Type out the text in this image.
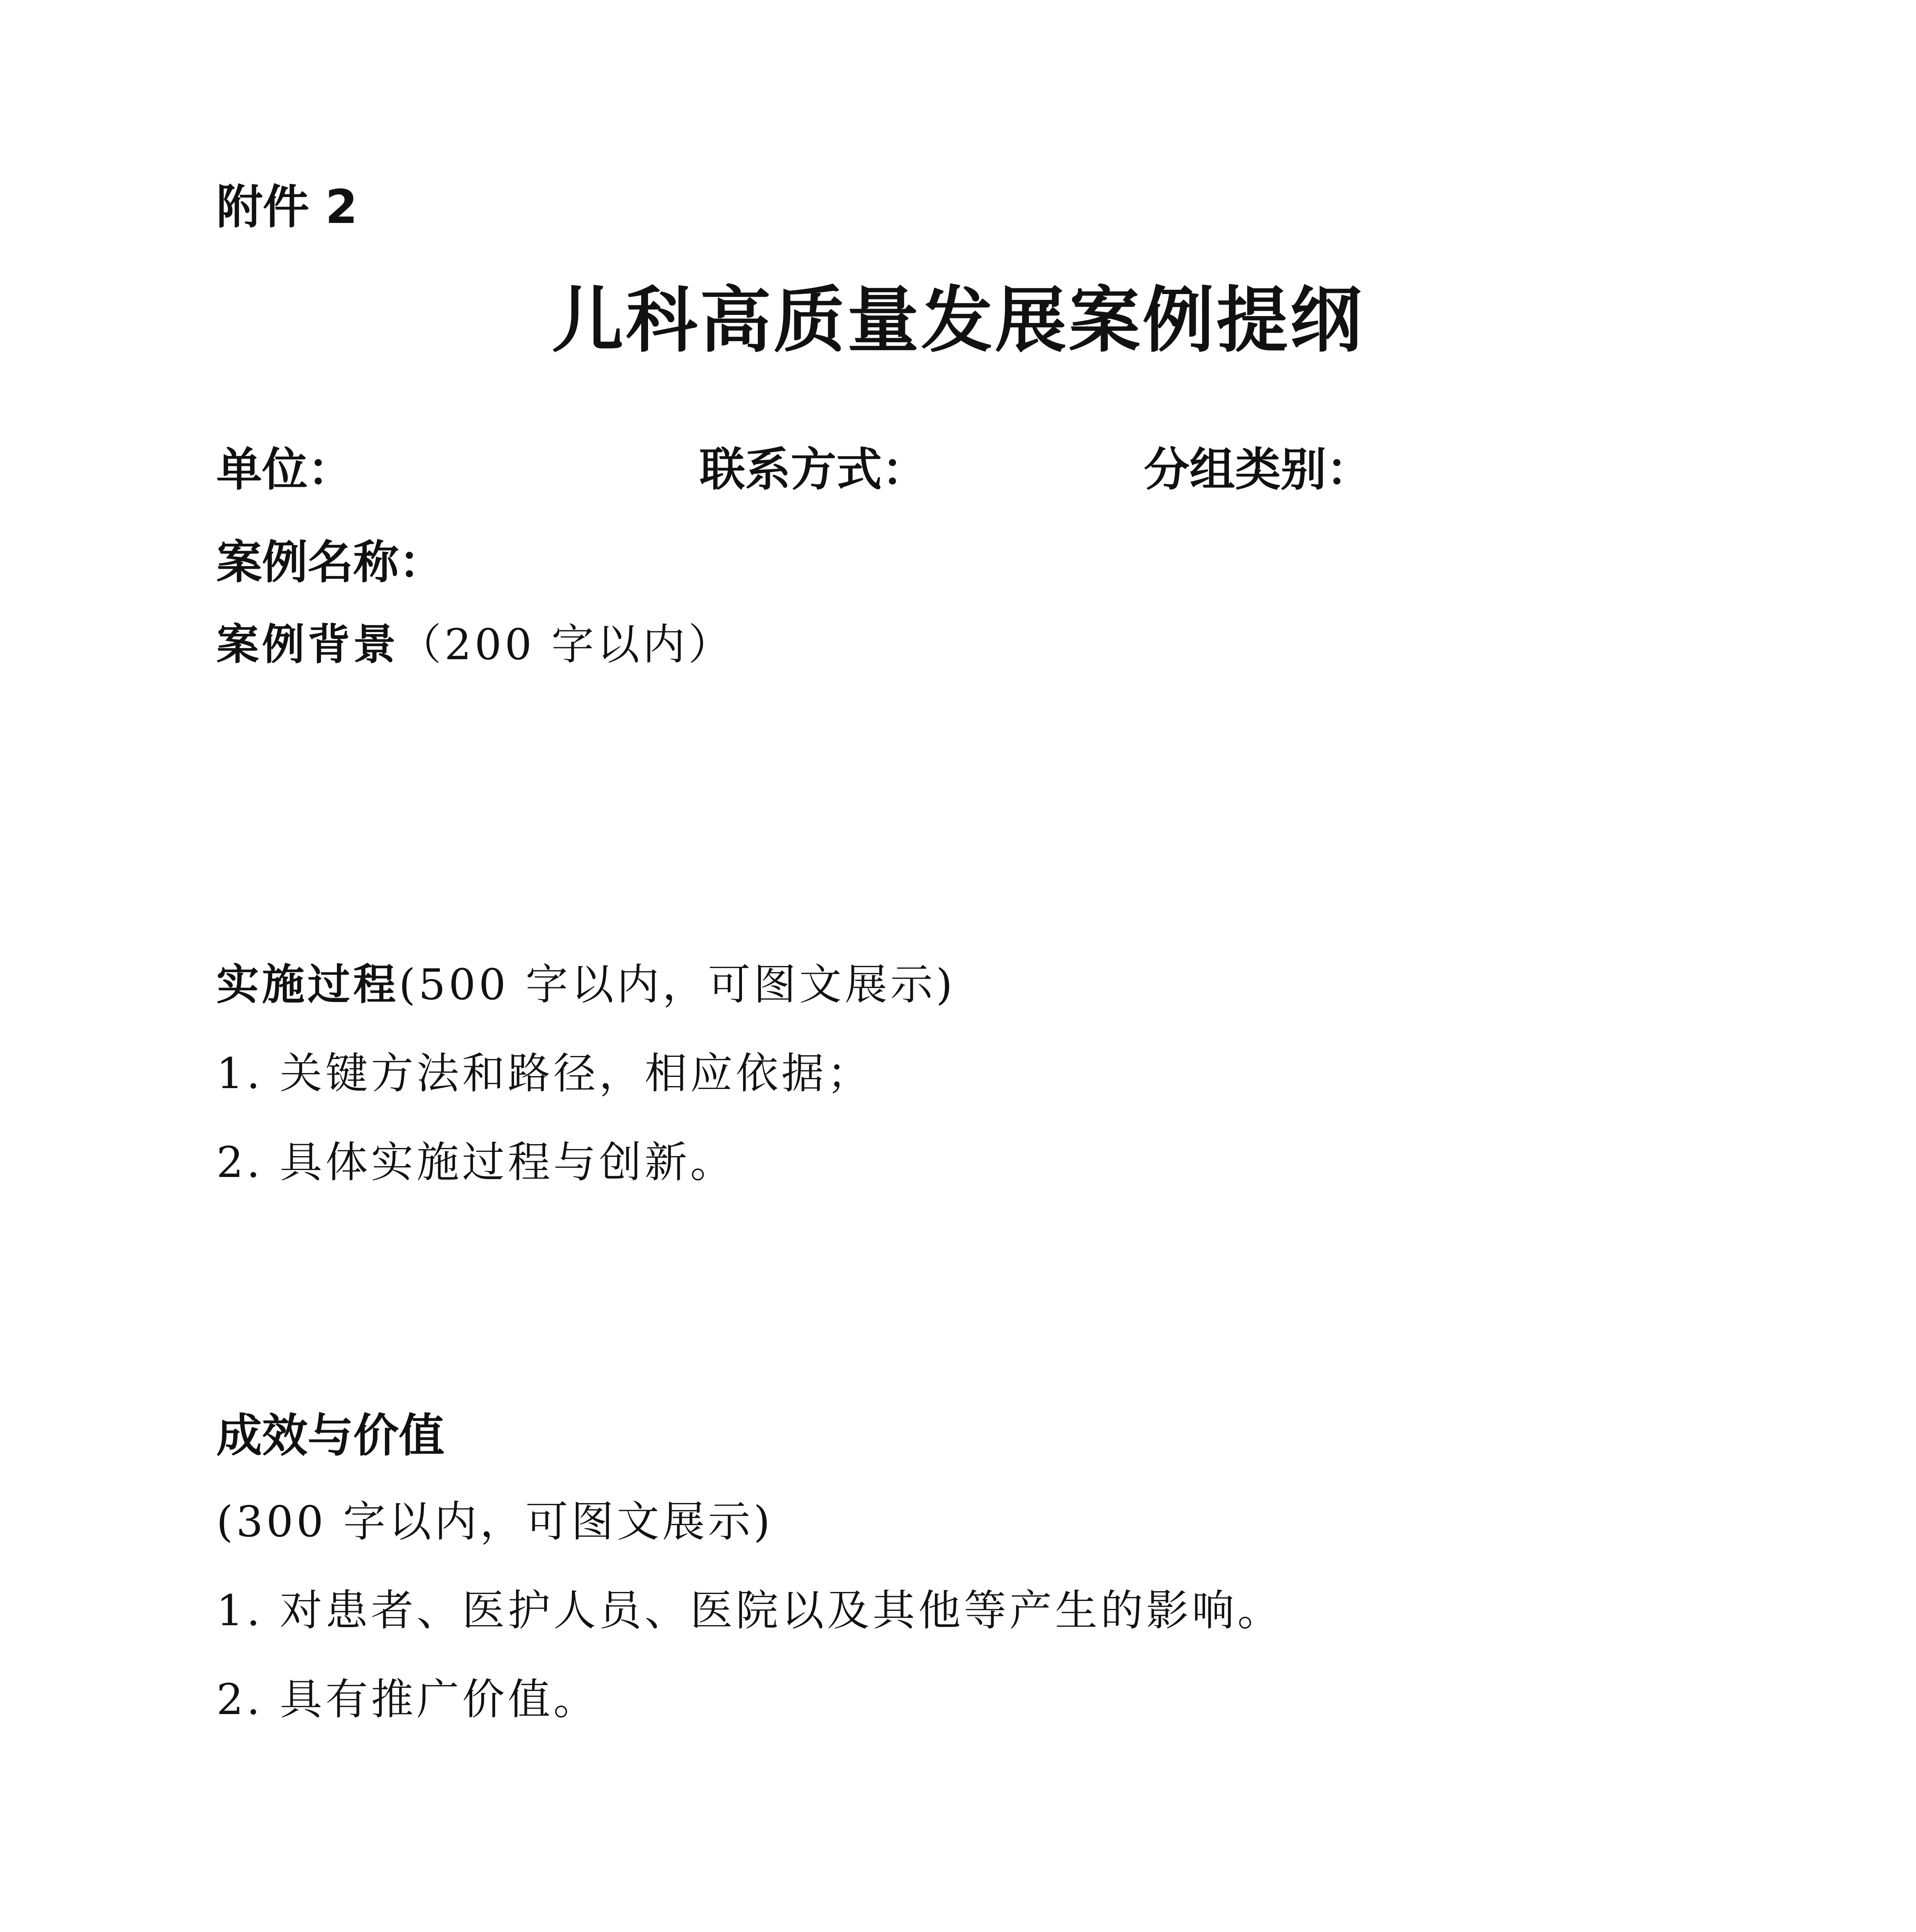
附件 2
儿科高质量发展案例提纲
单位：	联系方式：	分组类别：
案例名称：
案例背景（200 字以内）
实施过程(500 字以内，可图文展示)
1. 关键方法和路径，相应依据；
2. 具体实施过程与创新。
成效与价值
(300 字以内，可图文展示)
1. 对患者、医护人员、医院以及其他等产生的影响。
2. 具有推广价值。
